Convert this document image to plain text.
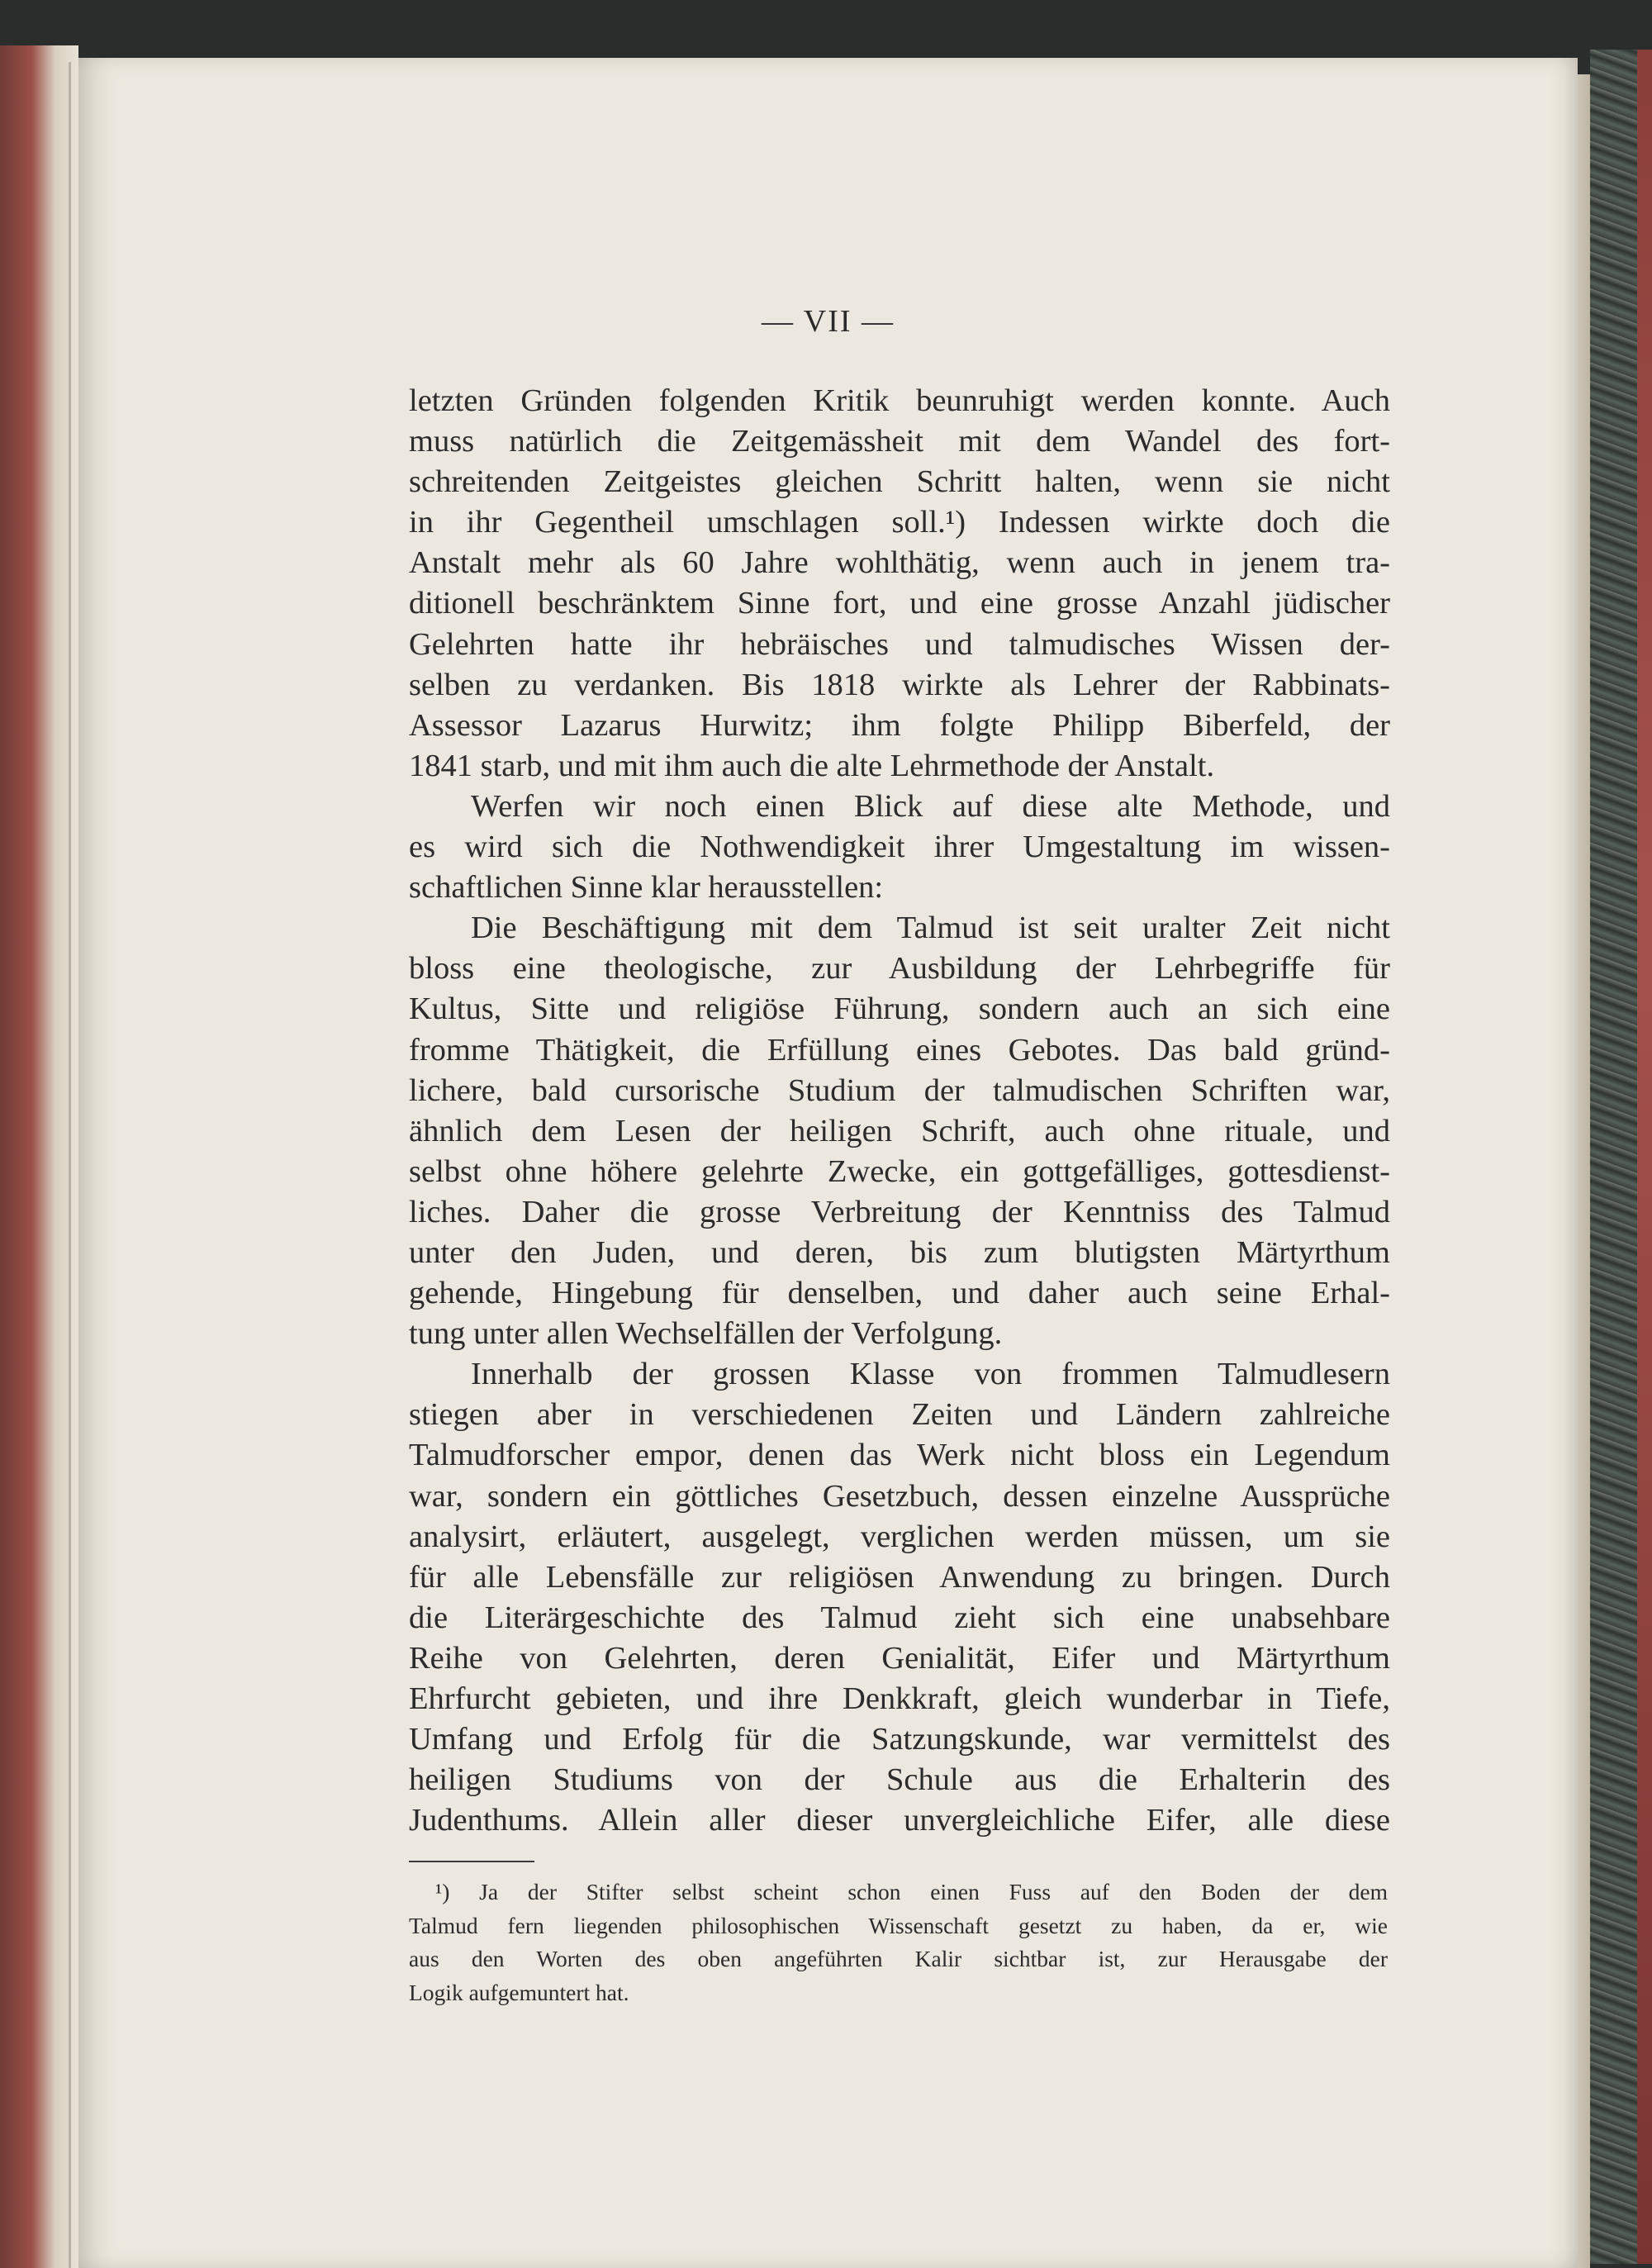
— VII —
letzten Gründen folgenden Kritik beunruhigt werden konnte. Auch
muss natürlich die Zeitgemässheit mit dem Wandel des fort-
schreitenden Zeitgeistes gleichen Schritt halten, wenn sie nicht
in ihr Gegentheil umschlagen soll.¹) Indessen wirkte doch die
Anstalt mehr als 60 Jahre wohlthätig, wenn auch in jenem tra-
ditionell beschränktem Sinne fort, und eine grosse Anzahl jüdischer
Gelehrten hatte ihr hebräisches und talmudisches Wissen der-
selben zu verdanken. Bis 1818 wirkte als Lehrer der Rabbinats-
Assessor Lazarus Hurwitz; ihm folgte Philipp Biberfeld, der
1841 starb, und mit ihm auch die alte Lehrmethode der Anstalt.
Werfen wir noch einen Blick auf diese alte Methode, und
es wird sich die Nothwendigkeit ihrer Umgestaltung im wissen-
schaftlichen Sinne klar herausstellen:
Die Beschäftigung mit dem Talmud ist seit uralter Zeit nicht
bloss eine theologische, zur Ausbildung der Lehrbegriffe für
Kultus, Sitte und religiöse Führung, sondern auch an sich eine
fromme Thätigkeit, die Erfüllung eines Gebotes. Das bald gründ-
lichere, bald cursorische Studium der talmudischen Schriften war,
ähnlich dem Lesen der heiligen Schrift, auch ohne rituale, und
selbst ohne höhere gelehrte Zwecke, ein gottgefälliges, gottesdienst-
liches. Daher die grosse Verbreitung der Kenntniss des Talmud
unter den Juden, und deren, bis zum blutigsten Märtyrthum
gehende, Hingebung für denselben, und daher auch seine Erhal-
tung unter allen Wechselfällen der Verfolgung.
Innerhalb der grossen Klasse von frommen Talmudlesern
stiegen aber in verschiedenen Zeiten und Ländern zahlreiche
Talmudforscher empor, denen das Werk nicht bloss ein Legendum
war, sondern ein göttliches Gesetzbuch, dessen einzelne Aussprüche
analysirt, erläutert, ausgelegt, verglichen werden müssen, um sie
für alle Lebensfälle zur religiösen Anwendung zu bringen. Durch
die Literärgeschichte des Talmud zieht sich eine unabsehbare
Reihe von Gelehrten, deren Genialität, Eifer und Märtyrthum
Ehrfurcht gebieten, und ihre Denkkraft, gleich wunderbar in Tiefe,
Umfang und Erfolg für die Satzungskunde, war vermittelst des
heiligen Studiums von der Schule aus die Erhalterin des
Judenthums. Allein aller dieser unvergleichliche Eifer, alle diese
¹) Ja der Stifter selbst scheint schon einen Fuss auf den Boden der dem
Talmud fern liegenden philosophischen Wissenschaft gesetzt zu haben, da er, wie
aus den Worten des oben angeführten Kalir sichtbar ist, zur Herausgabe der
Logik aufgemuntert hat.
